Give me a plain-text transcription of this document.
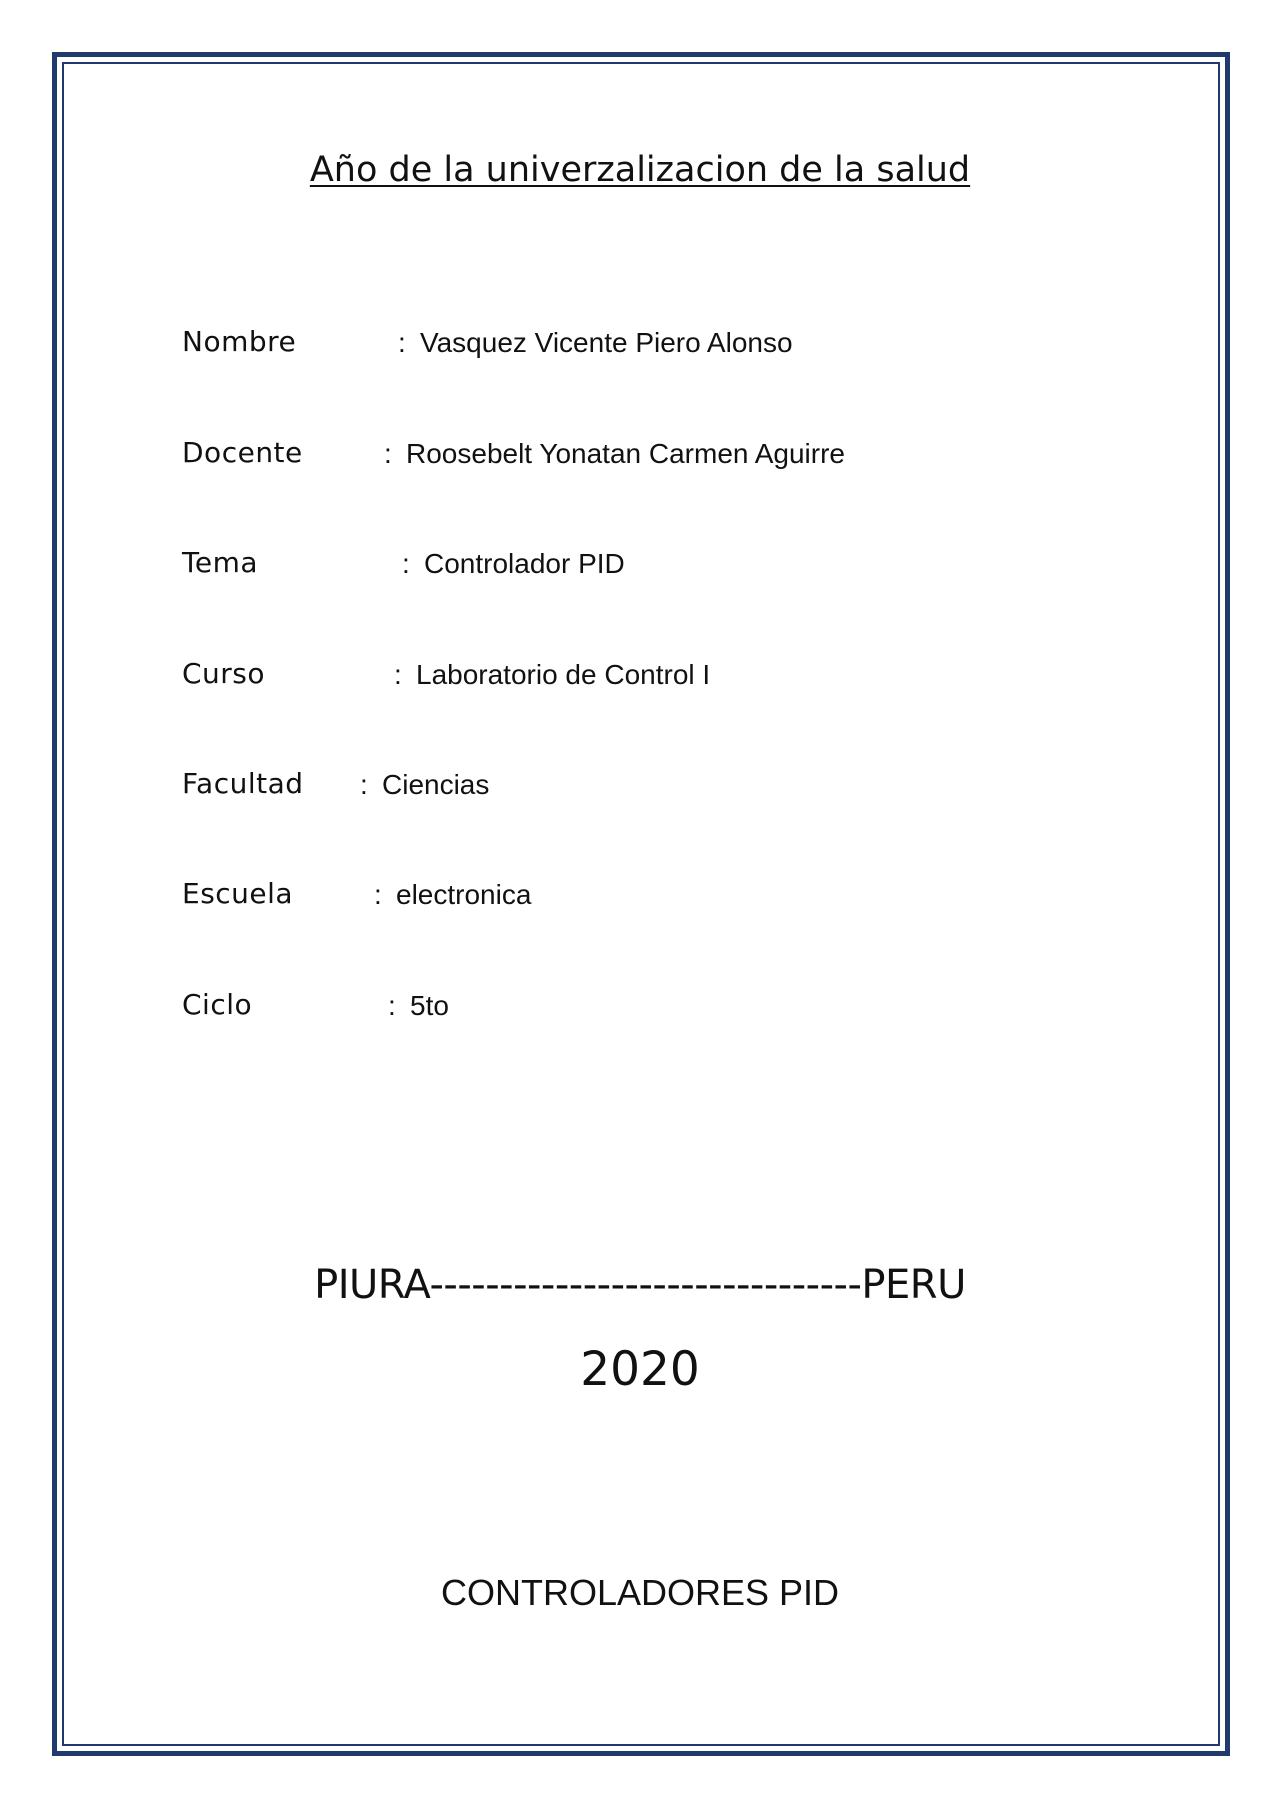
Año de la univerzalizacion de la salud
Nombre	: Vasquez Vicente Piero Alonso
Docente	: Roosebelt Yonatan Carmen Aguirre
Tema	: Controlador PID
Curso	: Laboratorio de Control I
Facultad : Ciencias
Escuela	: electronica
Ciclo	: 5to
PIURA-------------------------------PERU
2020
CONTROLADORES PID
